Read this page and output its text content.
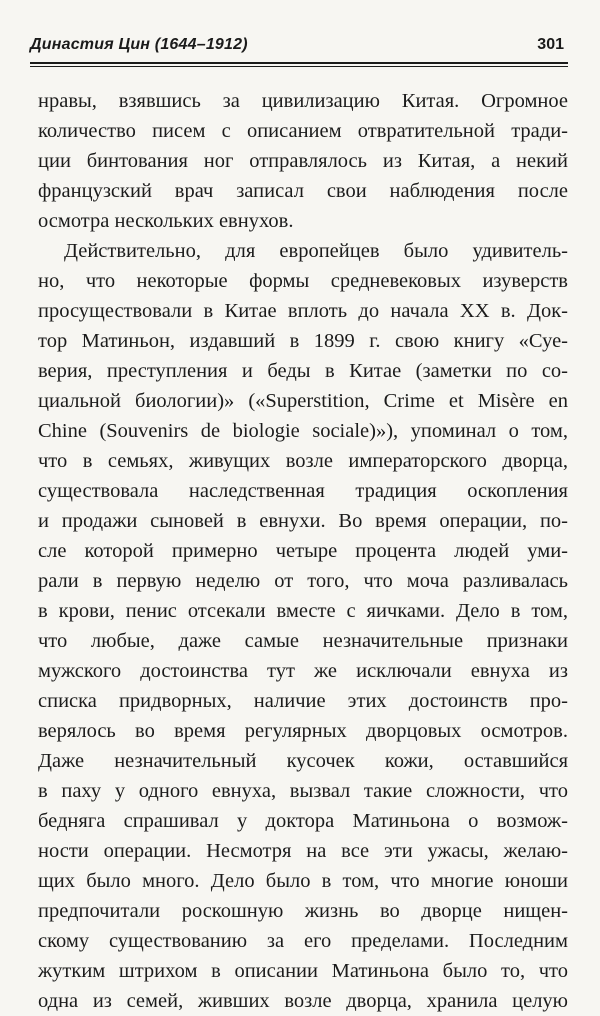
Династия Цин (1644–1912)	301
нравы, взявшись за цивилизацию Китая. Огромное
количество писем с описанием отвратительной тради-
ции бинтования ног отправлялось из Китая, а некий
французский врач записал свои наблюдения после
осмотра нескольких евнухов.
Действительно, для европейцев было удивитель-
но, что некоторые формы средневековых изуверств
просуществовали в Китае вплоть до начала XX в. Док-
тор Матиньон, издавший в 1899 г. свою книгу «Суе-
верия, преступления и беды в Китае (заметки по со-
циальной биологии)» («Superstition, Crime et Misère en
Chine (Souvenirs de biologie sociale)»), упоминал о том,
что в семьях, живущих возле императорского дворца,
существовала наследственная традиция оскопления
и продажи сыновей в евнухи. Во время операции, по-
сле которой примерно четыре процента людей уми-
рали в первую неделю от того, что моча разливалась
в крови, пенис отсекали вместе с яичками. Дело в том,
что любые, даже самые незначительные признаки
мужского достоинства тут же исключали евнуха из
списка придворных, наличие этих достоинств про-
верялось во время регулярных дворцовых осмотров.
Даже незначительный кусочек кожи, оставшийся
в паху у одного евнуха, вызвал такие сложности, что
бедняга спрашивал у доктора Матиньона о возмож-
ности операции. Несмотря на все эти ужасы, желаю-
щих было много. Дело было в том, что многие юноши
предпочитали роскошную жизнь во дворце нищен-
скому существованию за его пределами. Последним
жутким штрихом в описании Матиньона было то, что
одна из семей, живших возле дворца, хранила целую
